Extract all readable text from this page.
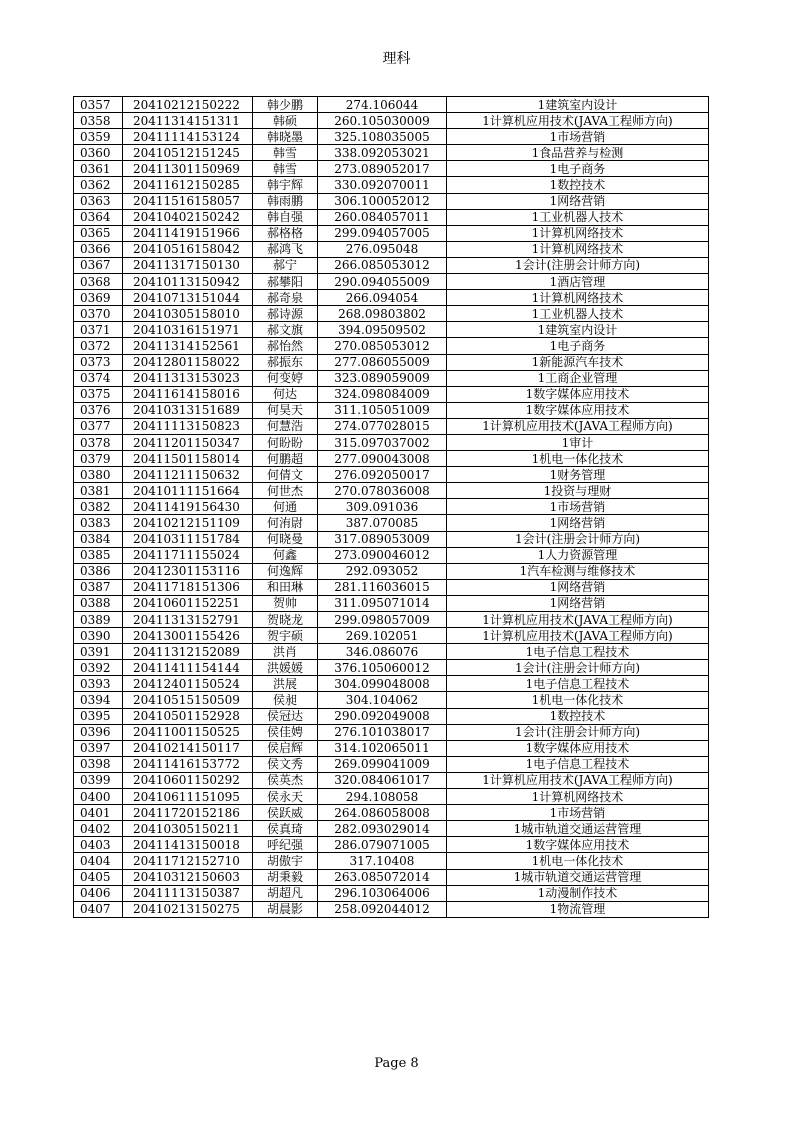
理科
0357	20410212150222	韩少鹏	274.106044	1建筑室内设计
0358	20411314151311	韩硕	260.105030009	1计算机应用技术(JAVA工程师方向)
0359	20411114153124	韩晓墨	325.108035005	1市场营销
0360	20410512151245	韩雪	338.092053021	1食品营养与检测
0361	20411301150969	韩雪	273.089052017	1电子商务
0362	20411612150285	韩宇辉	330.092070011	1数控技术
0363	20411516158057	韩雨鹏	306.100052012	1网络营销
0364	20410402150242	韩自强	260.084057011	1工业机器人技术
0365	20411419151966	郝格格	299.094057005	1计算机网络技术
0366	20410516158042	郝鸿飞	276.095048	1计算机网络技术
0367	20411317150130	郝宁	266.085053012	1会计(注册会计师方向)
0368	20410113150942	郝攀阳	290.094055009	1酒店管理
0369	20410713151044	郝奇泉	266.094054	1计算机网络技术
0370	20410305158010	郝诗源	268.09803802	1工业机器人技术
0371	20410316151971	郝文旗	394.09509502	1建筑室内设计
0372	20411314152561	郝怡然	270.085053012	1电子商务
0373	20412801158022	郝振东	277.086055009	1新能源汽车技术
0374	20411313153023	何变婷	323.089059009	1工商企业管理
0375	20411614158016	何达	324.098084009	1数字媒体应用技术
0376	20410313151689	何昊天	311.105051009	1数字媒体应用技术
0377	20411113150823	何慧浩	274.077028015	1计算机应用技术(JAVA工程师方向)
0378	20411201150347	何盼盼	315.097037002	1审计
0379	20411501158014	何鹏超	277.090043008	1机电一体化技术
0380	20411211150632	何倩文	276.092050017	1财务管理
0381	20410111151664	何世杰	270.078036008	1投资与理财
0382	20411419156430	何通	309.091036	1市场营销
0383	20410212151109	何洧尉	387.070085	1网络营销
0384	20410311151784	何晓曼	317.089053009	1会计(注册会计师方向)
0385	20411711155024	何鑫	273.090046012	1人力资源管理
0386	20412301153116	何逸辉	292.093052	1汽车检测与维修技术
0387	20411718151306	和田琳	281.116036015	1网络营销
0388	20410601152251	贺帅	311.095071014	1网络营销
0389	20411313152791	贺晓龙	299.098057009	1计算机应用技术(JAVA工程师方向)
0390	20413001155426	贺宇硕	269.102051	1计算机应用技术(JAVA工程师方向)
0391	20411312152089	洪肖	346.086076	1电子信息工程技术
0392	20411411154144	洪媛媛	376.105060012	1会计(注册会计师方向)
0393	20412401150524	洪展	304.099048008	1电子信息工程技术
0394	20410515150509	侯昶	304.104062	1机电一体化技术
0395	20410501152928	侯冠达	290.092049008	1数控技术
0396	20411001150525	侯佳娉	276.101038017	1会计(注册会计师方向)
0397	20410214150117	侯启辉	314.102065011	1数字媒体应用技术
0398	20411416153772	侯文秀	269.099041009	1电子信息工程技术
0399	20410601150292	侯英杰	320.084061017	1计算机应用技术(JAVA工程师方向)
0400	20410611151095	侯永天	294.108058	1计算机网络技术
0401	20411720152186	侯跃威	264.086058008	1市场营销
0402	20410305150211	侯真琦	282.093029014	1城市轨道交通运营管理
0403	20411413150018	呼纪强	286.079071005	1数字媒体应用技术
0404	20411712152710	胡傲宇	317.10408	1机电一体化技术
0405	20410312150603	胡秉毅	263.085072014	1城市轨道交通运营管理
0406	20411113150387	胡超凡	296.103064006	1动漫制作技术
0407	20410213150275	胡晨影	258.092044012	1物流管理
Page 8
